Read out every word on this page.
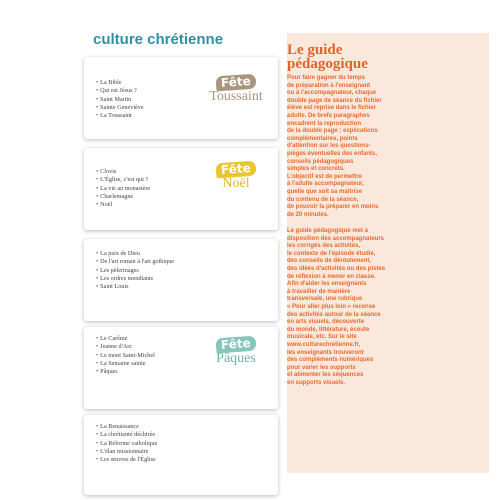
culture chrétienne
• La Bible
• Qui est Jésus ?
• Saint Martin
• Sainte Geneviève
• La Toussaint
Fête
Toussaint
• Clovis
• L'Église, c'est qui ?
• La vie au monastère
• Charlemagne
• Noël
Fête
Noël
• La paix de Dieu
• De l'art roman à l'art gothique
• Les pèlerinages
• Les ordres mendiants
• Saint Louis
• Le Carême
• Jeanne d'Arc
• Le mont Saint-Michel
• La Semaine sainte
• Pâques
Fête
Pâques
• La Renaissance
• La chrétienté déchirée
• La Réforme catholique
• L'élan missionnaire
• Les œuvres de l'Église
Le guide
pédagogique

Pour faire gagner du temps
de préparation à l'enseignant
ou à l'accompagnateur, chaque
double page de séance du fichier
élève est reprise dans le fichier
adulte. De brefs paragraphes
encadrent la reproduction
de la double page : explications
complémentaires, points
d'attention sur les questions-
pièges éventuelles des enfants,
conseils pédagogiques
simples et concrets.
L'objectif est de permettre
à l'adulte accompagnateur,
quelle que soit sa maîtrise
du contenu de la séance,
de pouvoir la préparer en moins
de 20 minutes.

Le guide pédagogique met à
disposition des accompagnateurs
les corrigés des activités,
le contexte de l'épisode étudié,
des conseils de déroulement,
des idées d'activités ou des pistes
de réflexion à mener en classe.
Afin d'aider les enseignants
à travailler de manière
transversale, une rubrique
« Pour aller plus loin » recense
des activités autour de la séance
en arts visuels, découverte
du monde, littérature, écoute
musicale, etc. Sur le site
www.culturechretienne.fr,
les enseignants trouveront
des compléments numériques
pour varier les supports
et alimenter les séquences
en supports visuels.
